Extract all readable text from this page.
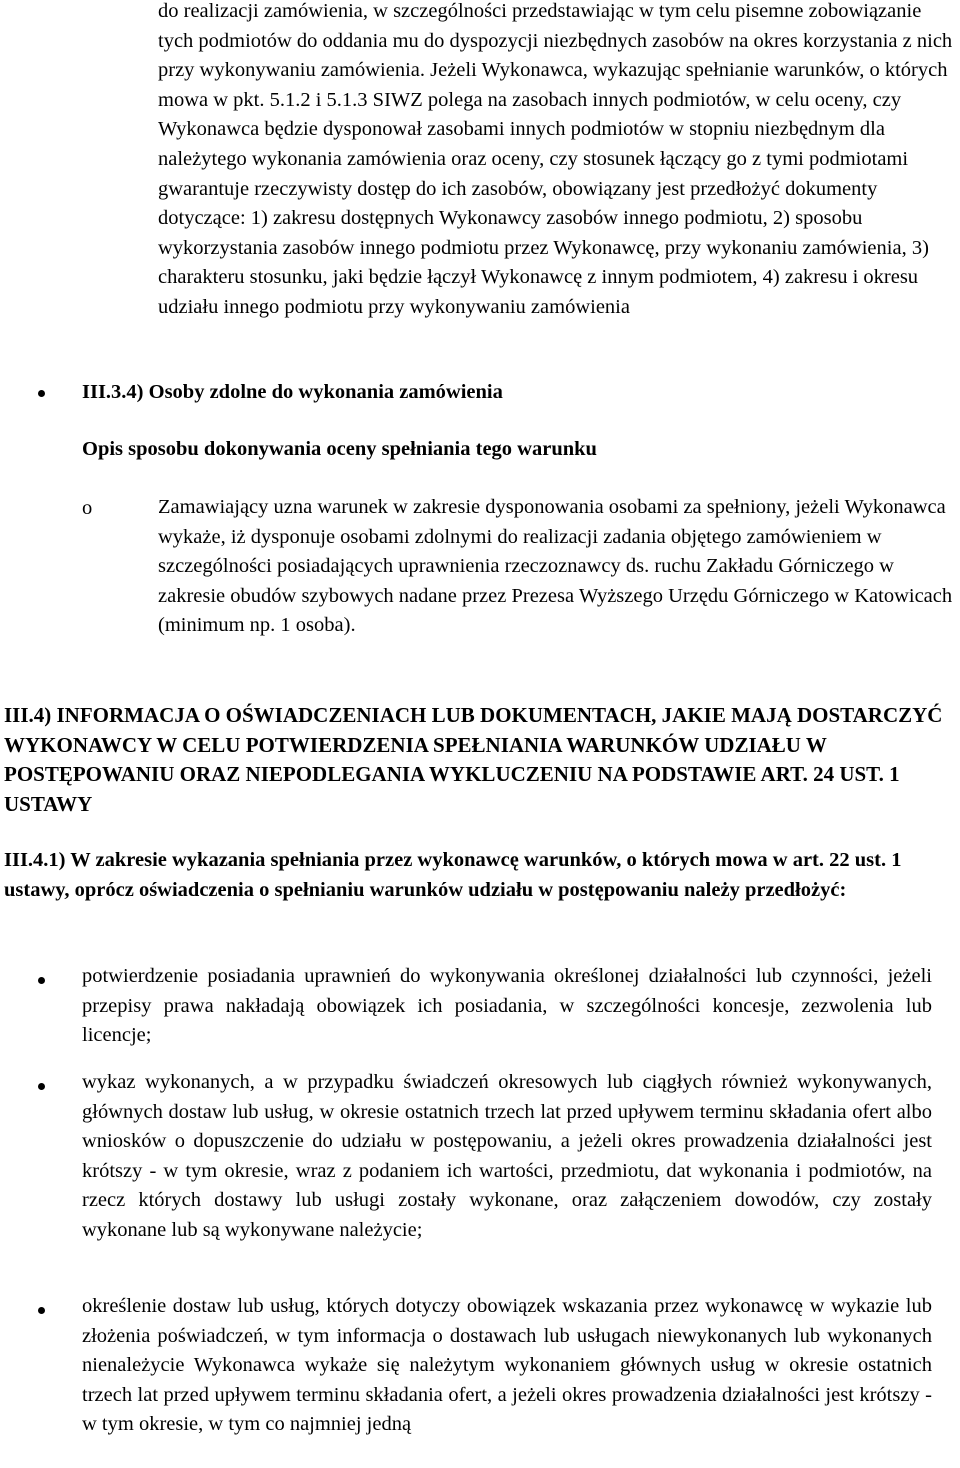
do realizacji zamówienia, w szczególności przedstawiając w tym celu pisemne zobowiązanie tych podmiotów do oddania mu do dyspozycji niezbędnych zasobów na okres korzystania z nich przy wykonywaniu zamówienia. Jeżeli Wykonawca, wykazując spełnianie warunków, o których mowa w pkt. 5.1.2 i 5.1.3 SIWZ polega na zasobach innych podmiotów, w celu oceny, czy Wykonawca będzie dysponował zasobami innych podmiotów w stopniu niezbędnym dla należytego wykonania zamówienia oraz oceny, czy stosunek łączący go z tymi podmiotami gwarantuje rzeczywisty dostęp do ich zasobów, obowiązany jest przedłożyć dokumenty dotyczące: 1) zakresu dostępnych Wykonawcy zasobów innego podmiotu, 2) sposobu wykorzystania zasobów innego podmiotu przez Wykonawcę, przy wykonaniu zamówienia, 3) charakteru stosunku, jaki będzie łączył Wykonawcę z innym podmiotem, 4) zakresu i okresu udziału innego podmiotu przy wykonywaniu zamówienia

III.3.4) Osoby zdolne do wykonania zamówienia

Opis sposobu dokonywania oceny spełniania tego warunku

o	Zamawiający uzna warunek w zakresie dysponowania osobami za spełniony, jeżeli Wykonawca wykaże, iż dysponuje osobami zdolnymi do realizacji zadania objętego zamówieniem w szczególności posiadających uprawnienia rzeczoznawcy ds. ruchu Zakładu Górniczego w zakresie obudów szybowych nadane przez Prezesa Wyższego Urzędu Górniczego w Katowicach (minimum np. 1 osoba).

III.4) INFORMACJA O OŚWIADCZENIACH LUB DOKUMENTACH, JAKIE MAJĄ DOSTARCZYĆ WYKONAWCY W CELU POTWIERDZENIA SPEŁNIANIA WARUNKÓW UDZIAŁU W POSTĘPOWANIU ORAZ NIEPODLEGANIA WYKLUCZENIU NA PODSTAWIE ART. 24 UST. 1 USTAWY

III.4.1) W zakresie wykazania spełniania przez wykonawcę warunków, o których mowa w art. 22 ust. 1 ustawy, oprócz oświadczenia o spełnianiu warunków udziału w postępowaniu należy przedłożyć:

potwierdzenie posiadania uprawnień do wykonywania określonej działalności lub czynności, jeżeli przepisy prawa nakładają obowiązek ich posiadania, w szczególności koncesje, zezwolenia lub licencje;

wykaz wykonanych, a w przypadku świadczeń okresowych lub ciągłych również wykonywanych, głównych dostaw lub usług, w okresie ostatnich trzech lat przed upływem terminu składania ofert albo wniosków o dopuszczenie do udziału w postępowaniu, a jeżeli okres prowadzenia działalności jest krótszy - w tym okresie, wraz z podaniem ich wartości, przedmiotu, dat wykonania i podmiotów, na rzecz których dostawy lub usługi zostały wykonane, oraz załączeniem dowodów, czy zostały wykonane lub są wykonywane należycie;

określenie dostaw lub usług, których dotyczy obowiązek wskazania przez wykonawcę w wykazie lub złożenia poświadczeń, w tym informacja o dostawach lub usługach niewykonanych lub wykonanych nienależycie Wykonawca wykaże się należytym wykonaniem głównych usług w okresie ostatnich trzech lat przed upływem terminu składania ofert, a jeżeli okres prowadzenia działalności jest krótszy - w tym okresie, w tym co najmniej jedną
